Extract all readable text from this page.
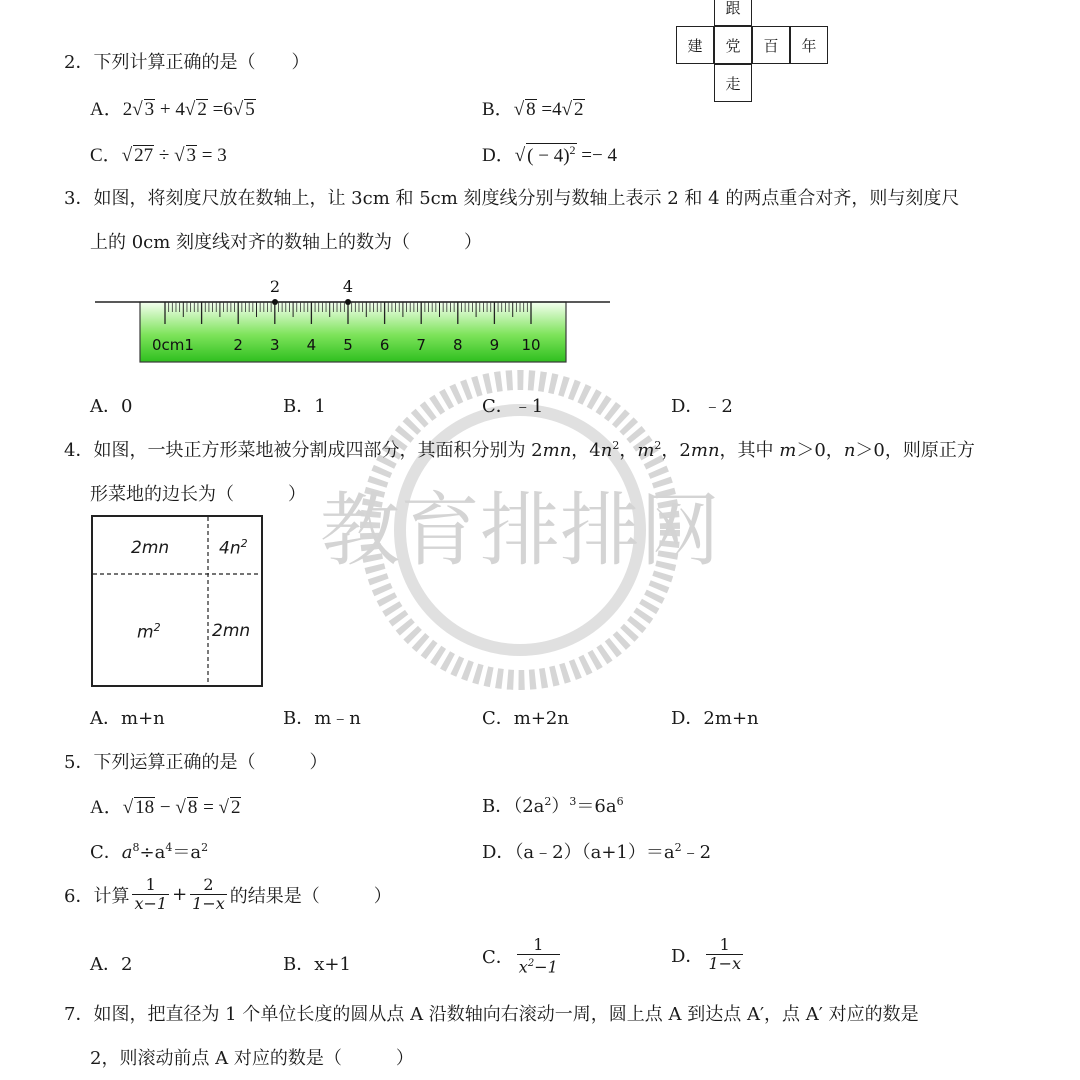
教育排排网
跟
建	党	百	年
走
2．下列计算正确的是（　　）
A．2√ 3 + 4√ 2 =6√ 5	B．√ 8 =4√ 2
C．√ 27 ÷ √ 3 = 3	D．√ ( − 4)$^2$ =− 4
3．如图，将刻度尺放在数轴上，让 3cm 和 5cm 刻度线分别与数轴上表示 2 和 4 的两点重合对齐，则与刻度尺
上的 0cm 刻度线对齐的数轴上的数为（　　　）
2	4
0cm1	2 3 4 5 6 7 8 9 10
A．0	B．1	C．﹣1	D．﹣2
4．如图，一块正方形菜地被分割成四部分，其面积分别为 2mn，$4n^2$，$m^2$，2mn，其中 m＞0，n＞0，则原正方
形菜地的边长为（　　　）
2mn	$4n^2$
$m^2$	2mn
A．m+n	B．m﹣n	C．m+2n	D．2m+n
5．下列运算正确的是（　　　）
A．√ 18 − √ 8 = √ 2	B．$(2a^2)^3=6a^6$
C．$a^8\div a^4=a^2$	D．$(a﹣2)(a+1)=a^2﹣2$
6．计算 $\frac{1}{x-1} + \frac{2}{1-x}$ 的结果是（　　　）
A．2	B．x+1	C． $\frac{1}{x^2-1}$	D． $\frac{1}{1-x}$
7．如图，把直径为 1 个单位长度的圆从点 A 沿数轴向右滚动一周，圆上点 A 到达点 A′，点 A′ 对应的数是
2，则滚动前点 A 对应的数是（　　　）
